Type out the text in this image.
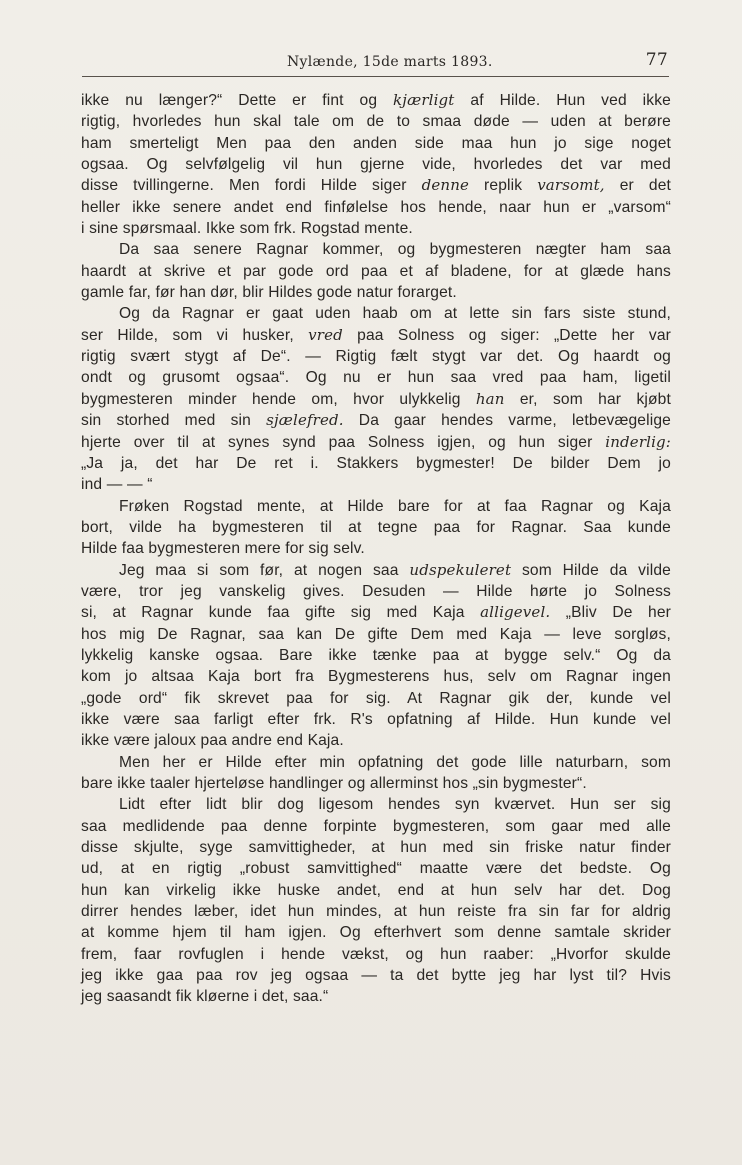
Nylænde, 15de marts 1893.	77
ikke nu længer?“ Dette er fint og kjærligt af Hilde. Hun ved ikke
rigtig, hvorledes hun skal tale om de to smaa døde — uden at berøre
ham smerteligt Men paa den anden side maa hun jo sige noget
ogsaa. Og selvfølgelig vil hun gjerne vide, hvorledes det var med
disse tvillingerne. Men fordi Hilde siger denne replik varsomt, er det
heller ikke senere andet end finfølelse hos hende, naar hun er „varsom“
i sine spørsmaal. Ikke som frk. Rogstad mente.
Da saa senere Ragnar kommer, og bygmesteren nægter ham saa
haardt at skrive et par gode ord paa et af bladene, for at glæde hans
gamle far, før han dør, blir Hildes gode natur forarget.
Og da Ragnar er gaat uden haab om at lette sin fars siste stund,
ser Hilde, som vi husker, vred paa Solness og siger: „Dette her var
rigtig svært stygt af De“. — Rigtig fælt stygt var det. Og haardt og
ondt og grusomt ogsaa“. Og nu er hun saa vred paa ham, ligetil
bygmesteren minder hende om, hvor ulykkelig han er, som har kjøbt
sin storhed med sin sjælefred. Da gaar hendes varme, letbevægelige
hjerte over til at synes synd paa Solness igjen, og hun siger inderlig:
„Ja ja, det har De ret i. Stakkers bygmester! De bilder Dem jo
ind — — “
Frøken Rogstad mente, at Hilde bare for at faa Ragnar og Kaja
bort, vilde ha bygmesteren til at tegne paa for Ragnar. Saa kunde
Hilde faa bygmesteren mere for sig selv.
Jeg maa si som før, at nogen saa udspekuleret som Hilde da vilde
være, tror jeg vanskelig gives. Desuden — Hilde hørte jo Solness
si, at Ragnar kunde faa gifte sig med Kaja alligevel. „Bliv De her
hos mig De Ragnar, saa kan De gifte Dem med Kaja — leve sorgløs,
lykkelig kanske ogsaa. Bare ikke tænke paa at bygge selv.“ Og da
kom jo altsaa Kaja bort fra Bygmesterens hus, selv om Ragnar ingen
„gode ord“ fik skrevet paa for sig. At Ragnar gik der, kunde vel
ikke være saa farligt efter frk. R's opfatning af Hilde. Hun kunde vel
ikke være jaloux paa andre end Kaja.
Men her er Hilde efter min opfatning det gode lille naturbarn, som
bare ikke taaler hjerteløse handlinger og allerminst hos „sin bygmester“.
Lidt efter lidt blir dog ligesom hendes syn kværvet. Hun ser sig
saa medlidende paa denne forpinte bygmesteren, som gaar med alle
disse skjulte, syge samvittigheder, at hun med sin friske natur finder
ud, at en rigtig „robust samvittighed“ maatte være det bedste. Og
hun kan virkelig ikke huske andet, end at hun selv har det. Dog
dirrer hendes læber, idet hun mindes, at hun reiste fra sin far for aldrig
at komme hjem til ham igjen. Og efterhvert som denne samtale skrider
frem, faar rovfuglen i hende vækst, og hun raaber: „Hvorfor skulde
jeg ikke gaa paa rov jeg ogsaa — ta det bytte jeg har lyst til? Hvis
jeg saasandt fik kløerne i det, saa.“
